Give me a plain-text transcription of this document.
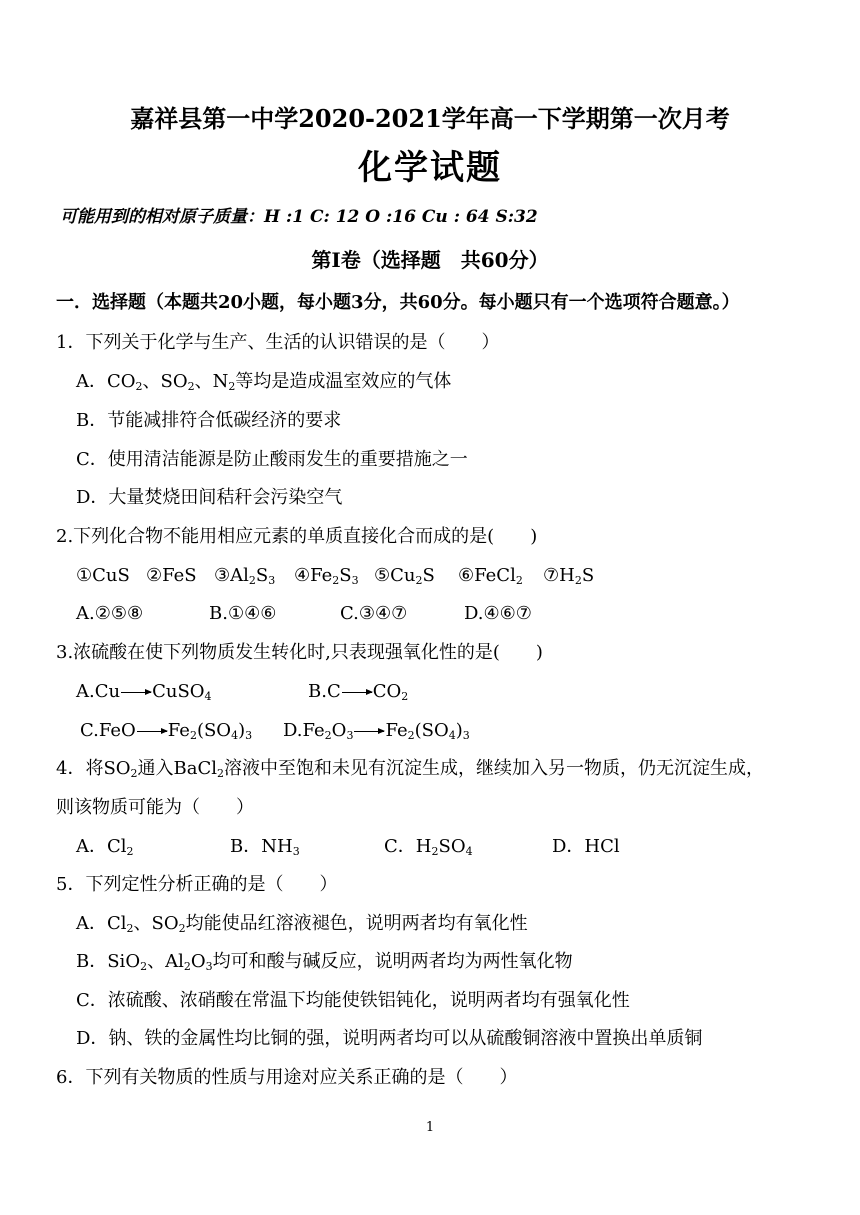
嘉祥县第一中学2020-2021学年高一下学期第一次月考
化学试题
可能用到的相对原子质量：H :1 C: 12 O :16 Cu : 64 S:32
第Ⅰ卷（选择题　共60分）
一．选择题（本题共20小题，每小题3分，共60分。每小题只有一个选项符合题意。）
1．下列关于化学与生产、生活的认识错误的是（　　）
A．$CO_2$、$SO_2$、$N_2$等均是造成温室效应的气体
B．节能减排符合低碳经济的要求
C．使用清洁能源是防止酸雨发生的重要措施之一
D．大量焚烧田间秸秆会污染空气
2.下列化合物不能用相应元素的单质直接化合而成的是(　　)
①CuS ②FeS $③Al_2S_3$ $④Fe_2S_3$ $⑤Cu_2S$ ⑥FeCl$_2$ $⑦H_2S$
A.②⑤⑧	B.①④⑥	C.③④⑦	D.④⑥⑦
3.浓硫酸在使下列物质发生转化时,只表现强氧化性的是(　　)
A.Cu→CuSO$_4$	$B.C\to CO_2$
$C.FeO\to Fe_2(SO_4)_3$ $D.Fe_2O_3\to Fe_2(SO_4)_3$
4．将$SO_2$通入BaCl$_2$溶液中至饱和未见有沉淀生成，继续加入另一物质，仍无沉淀生成，
则该物质可能为（　　）
A．$Cl_2$	B．$NH_3$	C．$H_2SO_4$	D．HCl
5．下列定性分析正确的是（　　）
A．$Cl_2$、$SO_2$均能使品红溶液褪色，说明两者均有氧化性
B．SiO$_2$、$Al_2O_3$均可和酸与碱反应，说明两者均为两性氧化物
C．浓硫酸、浓硝酸在常温下均能使铁铝钝化，说明两者均有强氧化性
D．钠、铁的金属性均比铜的强，说明两者均可以从硫酸铜溶液中置换出单质铜
6．下列有关物质的性质与用途对应关系正确的是（　　）
1
